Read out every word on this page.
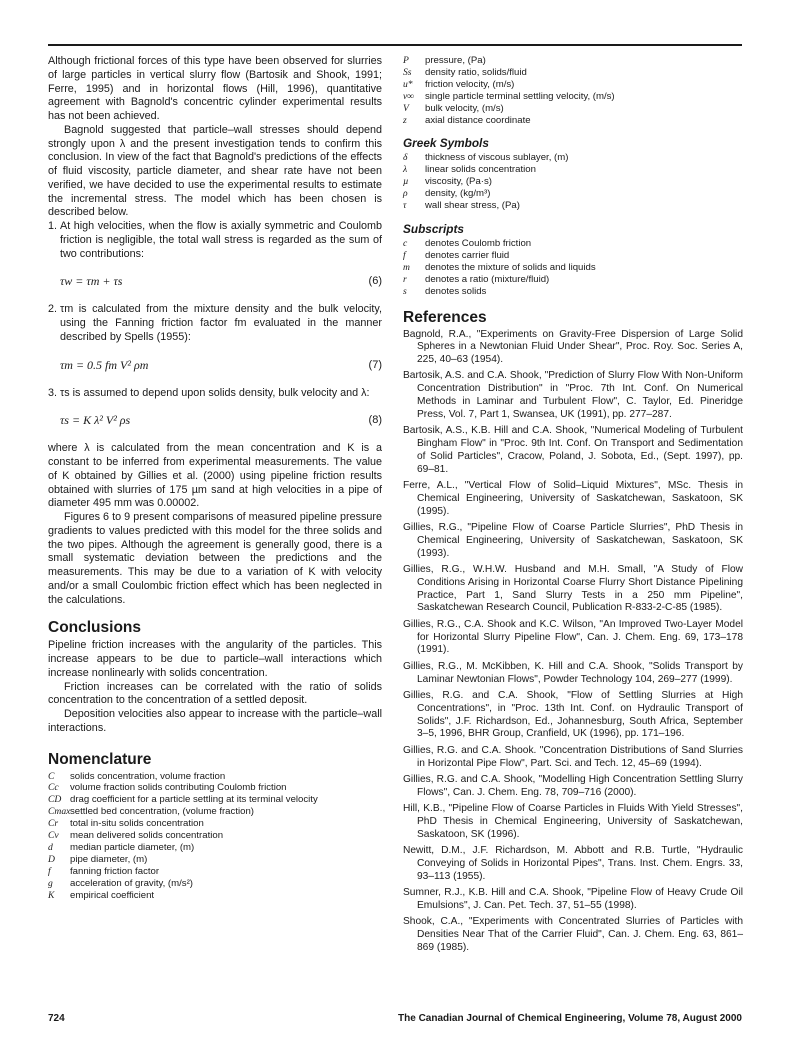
Although frictional forces of this type have been observed for slurries of large particles in vertical slurry flow (Bartosik and Shook, 1991; Ferre, 1995) and in horizontal flows (Hill, 1996), quantitative agreement with Bagnold's concentric cylinder experimental results has not been achieved.

Bagnold suggested that particle–wall stresses should depend strongly upon λ and the present investigation tends to confirm this conclusion. In view of the fact that Bagnold's predictions of the effects of fluid viscosity, particle diameter, and shear rate have not been verified, we have decided to use the experimental results to estimate the incremental stress. The model which has been chosen is described below.

1. At high velocities, when the flow is axially symmetric and Coulomb friction is negligible, the total wall stress is regarded as the sum of two contributions:
τw = τm + τs	(6)
2. τm is calculated from the mixture density and the bulk velocity, using the Fanning friction factor fm evaluated in the manner described by Spells (1955):
τm = 0.5 fm V² ρm	(7)
3. τs is assumed to depend upon solids density, bulk velocity and λ:
τs = K λ² V² ρs	(8)

where λ is calculated from the mean concentration and K is a constant to be inferred from experimental measurements. The value of K obtained by Gillies et al. (2000) using pipeline friction results obtained with slurries of 175 µm sand at high velocities in a pipe of diameter 495 mm was 0.00002.

Figures 6 to 9 present comparisons of measured pipeline pressure gradients to values predicted with this model for the three solids and the two pipes. Although the agreement is generally good, there is a small systematic deviation between the predictions and the measurements. This may be due to a variation of K with velocity and/or a small Coulombic friction effect which has been neglected in the calculations.

Conclusions

Pipeline friction increases with the angularity of the particles. This increase appears to be due to particle–wall interactions which increase nonlinearly with solids concentration.

Friction increases can be correlated with the ratio of solids concentration to the concentration of a settled deposit.

Deposition velocities also appear to increase with the particle–wall interactions.

Nomenclature
C	solids concentration, volume fraction
Cc	volume fraction solids contributing Coulomb friction
CD drag coefficient for a particle settling at its terminal velocity
Cmax settled bed concentration, (volume fraction)
Cr	total in-situ solids concentration
Cv	mean delivered solids concentration
d	median particle diameter, (m)
D	pipe diameter, (m)
f	fanning friction factor
g	acceleration of gravity, (m/s²)
K	empirical coefficient
P	pressure, (Pa)
Ss	density ratio, solids/fluid
u*	friction velocity, (m/s)
v∞	single particle terminal settling velocity, (m/s)
V	bulk velocity, (m/s)
z	axial distance coordinate
Greek Symbols
δ	thickness of viscous sublayer, (m)
λ	linear solids concentration
µ	viscosity, (Pa·s)
ρ	density, (kg/m³)
τ	wall shear stress, (Pa)
Subscripts
c	denotes Coulomb friction
f	denotes carrier fluid
m	denotes the mixture of solids and liquids
r	denotes a ratio (mixture/fluid)
s	denotes solids
References
Bagnold, R.A., "Experiments on Gravity-Free Dispersion of Large Solid Spheres in a Newtonian Fluid Under Shear", Proc. Roy. Soc. Series A, 225, 40–63 (1954).
Bartosik, A.S. and C.A. Shook, "Prediction of Slurry Flow With Non-Uniform Concentration Distribution" in "Proc. 7th Int. Conf. On Numerical Methods in Laminar and Turbulent Flow", C. Taylor, Ed. Pineridge Press, Vol. 7, Part 1, Swansea, UK (1991), pp. 277–287.
Bartosik, A.S., K.B. Hill and C.A. Shook, "Numerical Modeling of Turbulent Bingham Flow" in "Proc. 9th Int. Conf. On Transport and Sedimentation of Solid Particles", Cracow, Poland, J. Sobota, Ed., (Sept. 1997), pp. 69–81.
Ferre, A.L., "Vertical Flow of Solid–Liquid Mixtures", MSc. Thesis in Chemical Engineering, University of Saskatchewan, Saskatoon, SK (1995).
Gillies, R.G., "Pipeline Flow of Coarse Particle Slurries", PhD Thesis in Chemical Engineering, University of Saskatchewan, Saskatoon, SK (1993).
Gillies, R.G., W.H.W. Husband and M.H. Small, "A Study of Flow Conditions Arising in Horizontal Coarse Flurry Short Distance Pipelining Practice, Part 1, Sand Slurry Tests in a 250 mm Pipeline", Saskatchewan Research Council, Publication R-833-2-C-85 (1985).
Gillies, R.G., C.A. Shook and K.C. Wilson, "An Improved Two-Layer Model for Horizontal Slurry Pipeline Flow", Can. J. Chem. Eng. 69, 173–178 (1991).
Gillies, R.G., M. McKibben, K. Hill and C.A. Shook, "Solids Transport by Laminar Newtonian Flows", Powder Technology 104, 269–277 (1999).
Gillies, R.G. and C.A. Shook, "Flow of Settling Slurries at High Concentrations", in "Proc. 13th Int. Conf. on Hydraulic Transport of Solids", J.F. Richardson, Ed., Johannesburg, South Africa, September 3–5, 1996, BHR Group, Cranfield, UK (1996), pp. 171–196.
Gillies, R.G. and C.A. Shook. "Concentration Distributions of Sand Slurries in Horizontal Pipe Flow", Part. Sci. and Tech. 12, 45–69 (1994).
Gillies, R.G. and C.A. Shook, "Modelling High Concentration Settling Slurry Flows", Can. J. Chem. Eng. 78, 709–716 (2000).
Hill, K.B., "Pipeline Flow of Coarse Particles in Fluids With Yield Stresses", PhD Thesis in Chemical Engineering, University of Saskatchewan, Saskatoon, SK (1996).
Newitt, D.M., J.F. Richardson, M. Abbott and R.B. Turtle, "Hydraulic Conveying of Solids in Horizontal Pipes", Trans. Inst. Chem. Engrs. 33, 93–113 (1955).
Sumner, R.J., K.B. Hill and C.A. Shook, "Pipeline Flow of Heavy Crude Oil Emulsions", J. Can. Pet. Tech. 37, 51–55 (1998).
Shook, C.A., "Experiments with Concentrated Slurries of Particles with Densities Near That of the Carrier Fluid", Can. J. Chem. Eng. 63, 861–869 (1985).
724	The Canadian Journal of Chemical Engineering, Volume 78, August 2000
